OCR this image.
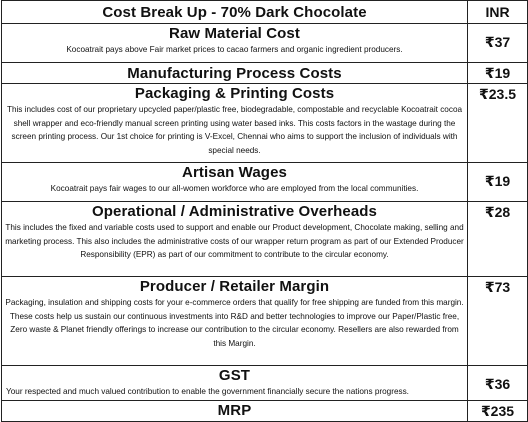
Cost Break Up - 70% Dark Chocolate	INR

Raw Material Cost
Kocoatrait pays above Fair market prices to cacao farmers and organic ingredient producers.	₹37

Manufacturing Process Costs	₹19

Packaging & Printing Costs
This includes cost of our proprietary upcycled paper/plastic free, biodegradable, compostable and recyclable Kocoatrait cocoa shell wrapper and eco-friendly manual screen printing using water based inks. This costs factors in the wastage during the screen printing process. Our 1st choice for printing is V-Excel, Chennai who aims to support the inclusion of individuals with special needs.	₹23.5

Artisan Wages
Kocoatrait pays fair wages to our all-women workforce who are employed from the local communities.	₹19

Operational / Administrative Overheads
This includes the fixed and variable costs used to support and enable our Product development, Chocolate making, selling and marketing process. This also includes the administrative costs of our wrapper return program as part of our Extended Producer Responsibility (EPR) as part of our commitment to contribute to the circular economy.	₹28

Producer / Retailer Margin
Packaging, insulation and shipping costs for your e-commerce orders that qualify for free shipping are funded from this margin. These costs help us sustain our continuous investments into R&D and better technologies to improve our Paper/Plastic free, Zero waste & Planet friendly offerings to increase our contribution to the circular economy. Resellers are also rewarded from this Margin.	₹73

GST
Your respected and much valued contribution to enable the government financially secure the nations progress.	₹36

MRP	₹235
